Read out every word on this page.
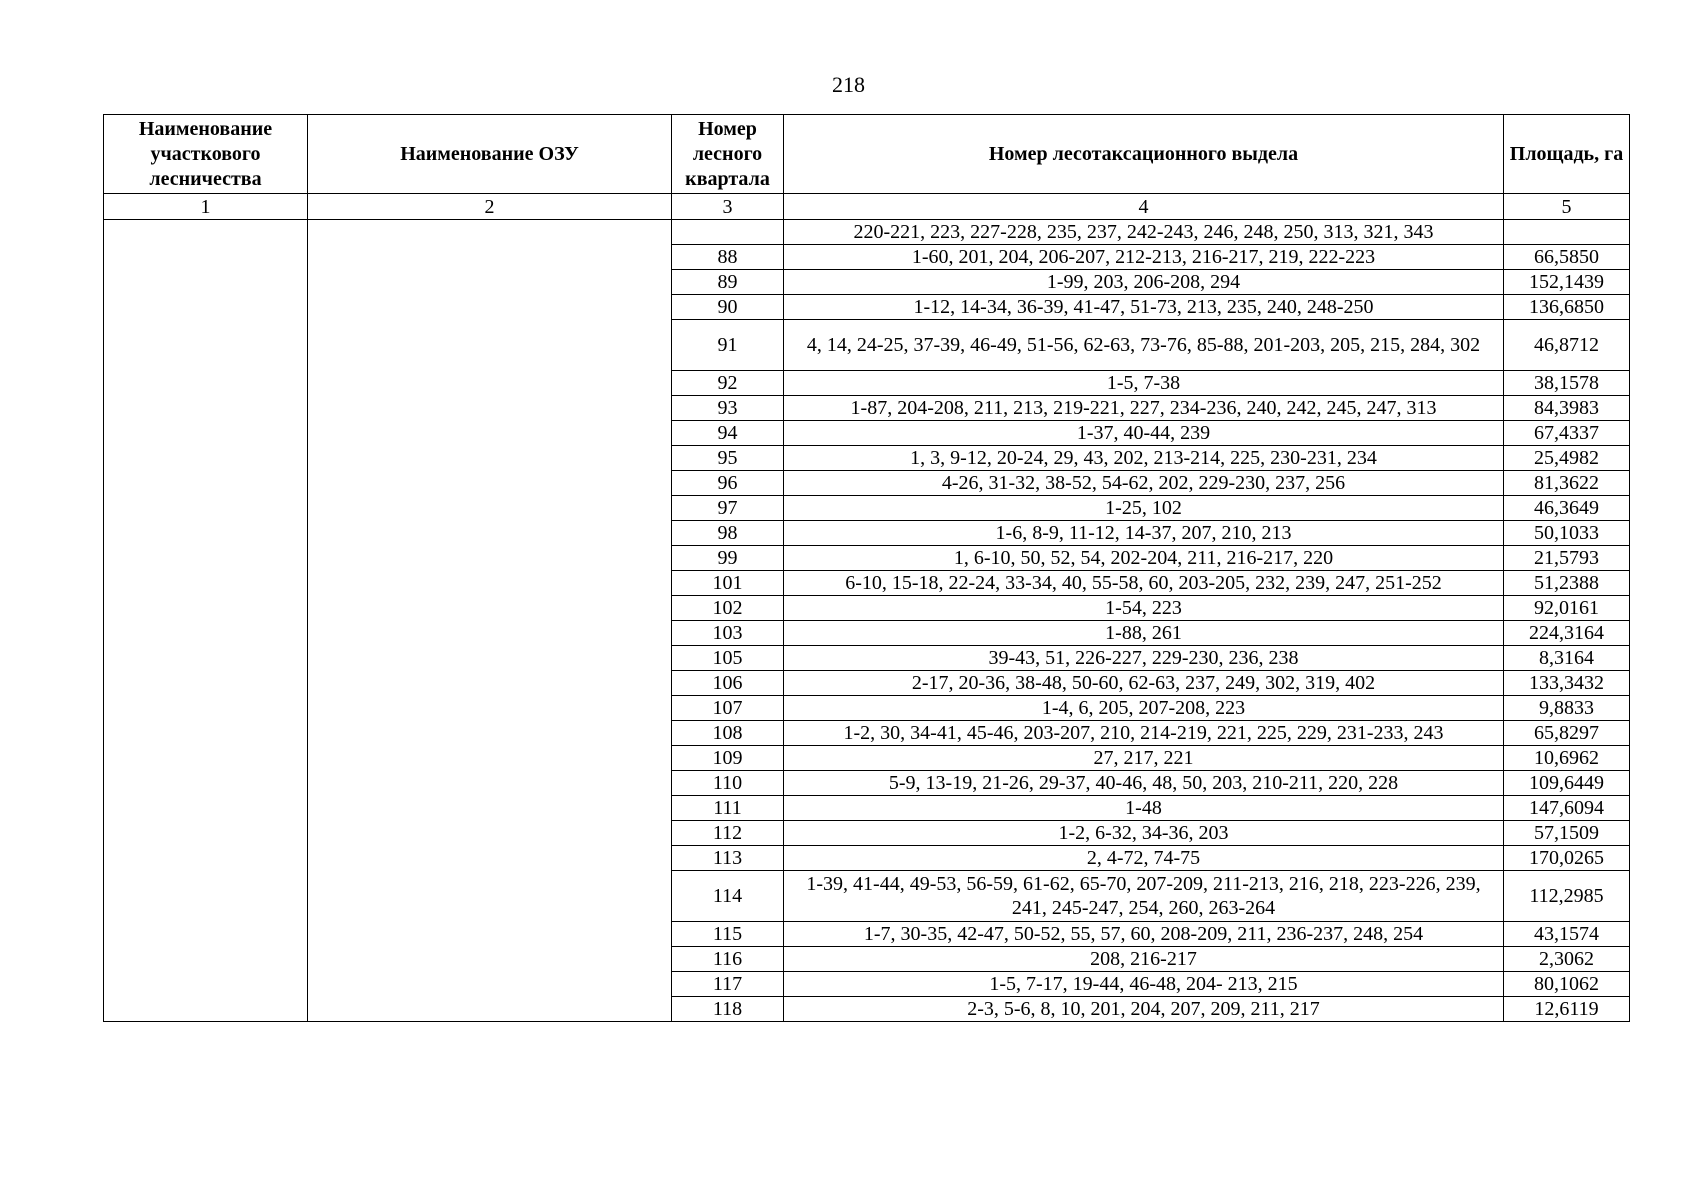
218
Наименование участкового лесничества	Наименование ОЗУ	Номер лесного квартала	Номер лесотаксационного выдела	Площадь, га
1	2	3	4	5
			220-221, 223, 227-228, 235, 237, 242-243, 246, 248, 250, 313, 321, 343	
		88	1-60, 201, 204, 206-207, 212-213, 216-217, 219, 222-223	66,5850
		89	1-99, 203, 206-208, 294	152,1439
		90	1-12, 14-34, 36-39, 41-47, 51-73, 213, 235, 240, 248-250	136,6850
		91	4, 14, 24-25, 37-39, 46-49, 51-56, 62-63, 73-76, 85-88, 201-203, 205, 215, 284, 302	46,8712
		92	1-5, 7-38	38,1578
		93	1-87, 204-208, 211, 213, 219-221, 227, 234-236, 240, 242, 245, 247, 313	84,3983
		94	1-37, 40-44, 239	67,4337
		95	1, 3, 9-12, 20-24, 29, 43, 202, 213-214, 225, 230-231, 234	25,4982
		96	4-26, 31-32, 38-52, 54-62, 202, 229-230, 237, 256	81,3622
		97	1-25, 102	46,3649
		98	1-6, 8-9, 11-12, 14-37, 207, 210, 213	50,1033
		99	1, 6-10, 50, 52, 54, 202-204, 211, 216-217, 220	21,5793
		101	6-10, 15-18, 22-24, 33-34, 40, 55-58, 60, 203-205, 232, 239, 247, 251-252	51,2388
		102	1-54, 223	92,0161
		103	1-88, 261	224,3164
		105	39-43, 51, 226-227, 229-230, 236, 238	8,3164
		106	2-17, 20-36, 38-48, 50-60, 62-63, 237, 249, 302, 319, 402	133,3432
		107	1-4, 6, 205, 207-208, 223	9,8833
		108	1-2, 30, 34-41, 45-46, 203-207, 210, 214-219, 221, 225, 229, 231-233, 243	65,8297
		109	27, 217, 221	10,6962
		110	5-9, 13-19, 21-26, 29-37, 40-46, 48, 50, 203, 210-211, 220, 228	109,6449
		111	1-48	147,6094
		112	1-2, 6-32, 34-36, 203	57,1509
		113	2, 4-72, 74-75	170,0265
		114	1-39, 41-44, 49-53, 56-59, 61-62, 65-70, 207-209, 211-213, 216, 218, 223-226, 239, 241, 245-247, 254, 260, 263-264	112,2985
		115	1-7, 30-35, 42-47, 50-52, 55, 57, 60, 208-209, 211, 236-237, 248, 254	43,1574
		116	208, 216-217	2,3062
		117	1-5, 7-17, 19-44, 46-48, 204- 213, 215	80,1062
		118	2-3, 5-6, 8, 10, 201, 204, 207, 209, 211, 217	12,6119
